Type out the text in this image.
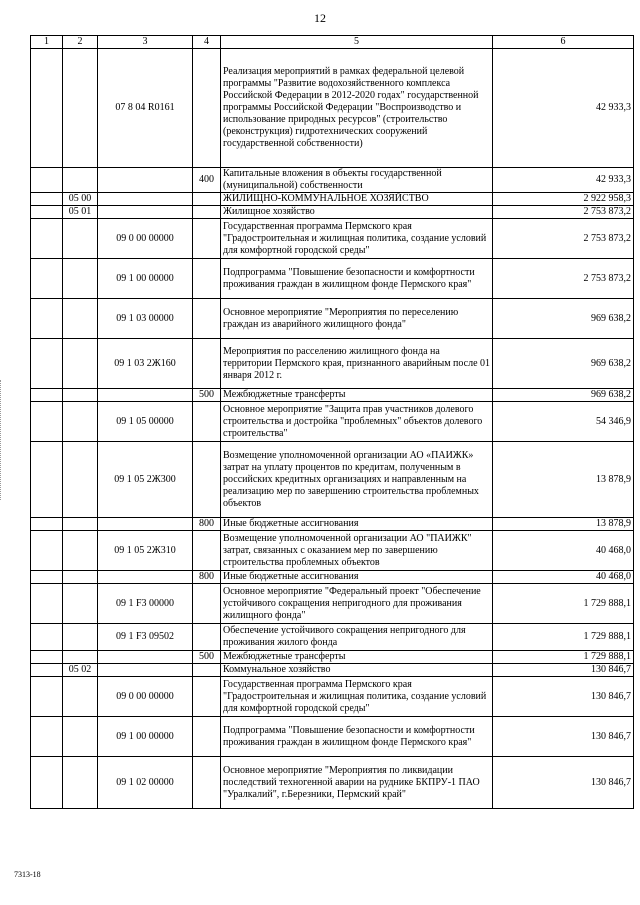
12
1	2	3	4	5	6
		07 8 04 R0161		Реализация мероприятий в рамках федеральной целевой программы "Развитие водохозяйственного комплекса Российской Федерации в 2012-2020 годах" государственной программы Российской Федерации "Воспроизводство и использование природных ресурсов" (строительство (реконструкция) гидротехнических сооружений государственной собственности)	42 933,3
			400	Капитальные вложения в объекты государственной (муниципальной) собственности	42 933,3
	05 00			ЖИЛИЩНО-КОММУНАЛЬНОЕ ХОЗЯЙСТВО	2 922 958,3
	05 01			Жилищное хозяйство	2 753 873,2
		09 0 00 00000		Государственная программа Пермского края "Градостроительная и жилищная политика, создание условий для комфортной городской среды"	2 753 873,2
		09 1 00 00000		Подпрограмма "Повышение безопасности и комфортности проживания граждан в жилищном фонде Пермского края"	2 753 873,2
		09 1 03 00000		Основное мероприятие "Мероприятия по переселению граждан из аварийного жилищного фонда"	969 638,2
		09 1 03 2Ж160		Мероприятия по расселению жилищного фонда на территории Пермского края, признанного аварийным после 01 января 2012 г.	969 638,2
			500	Межбюджетные трансферты	969 638,2
		09 1 05 00000		Основное мероприятие "Защита прав участников долевого строительства и достройка "проблемных" объектов долевого строительства"	54 346,9
		09 1 05 2Ж300		Возмещение уполномоченной организации АО «ПАИЖК» затрат на уплату процентов по кредитам, полученным в российских кредитных организациях и направленным на реализацию мер по завершению строительства проблемных объектов	13 878,9
			800	Иные бюджетные ассигнования	13 878,9
		09 1 05 2Ж310		Возмещение уполномоченной организации АО "ПАИЖК" затрат, связанных с оказанием мер по завершению строительства проблемных объектов	40 468,0
			800	Иные бюджетные ассигнования	40 468,0
		09 1 F3 00000		Основное мероприятие "Федеральный проект "Обеспечение устойчивого сокращения непригодного для проживания жилищного фонда"	1 729 888,1
		09 1 F3 09502		Обеспечение устойчивого сокращения непригодного для проживания жилого фонда	1 729 888,1
			500	Межбюджетные трансферты	1 729 888,1
	05 02			Коммунальное хозяйство	130 846,7
		09 0 00 00000		Государственная программа Пермского края "Градостроительная и жилищная политика, создание условий для комфортной городской среды"	130 846,7
		09 1 00 00000		Подпрограмма "Повышение безопасности и комфортности проживания граждан в жилищном фонде Пермского края"	130 846,7
		09 1 02 00000		Основное мероприятие "Мероприятия по ликвидации последствий техногенной аварии на руднике БКПРУ-1 ПАО "Уралкалий", г.Березники, Пермский край"	130 846,7
7313-18
